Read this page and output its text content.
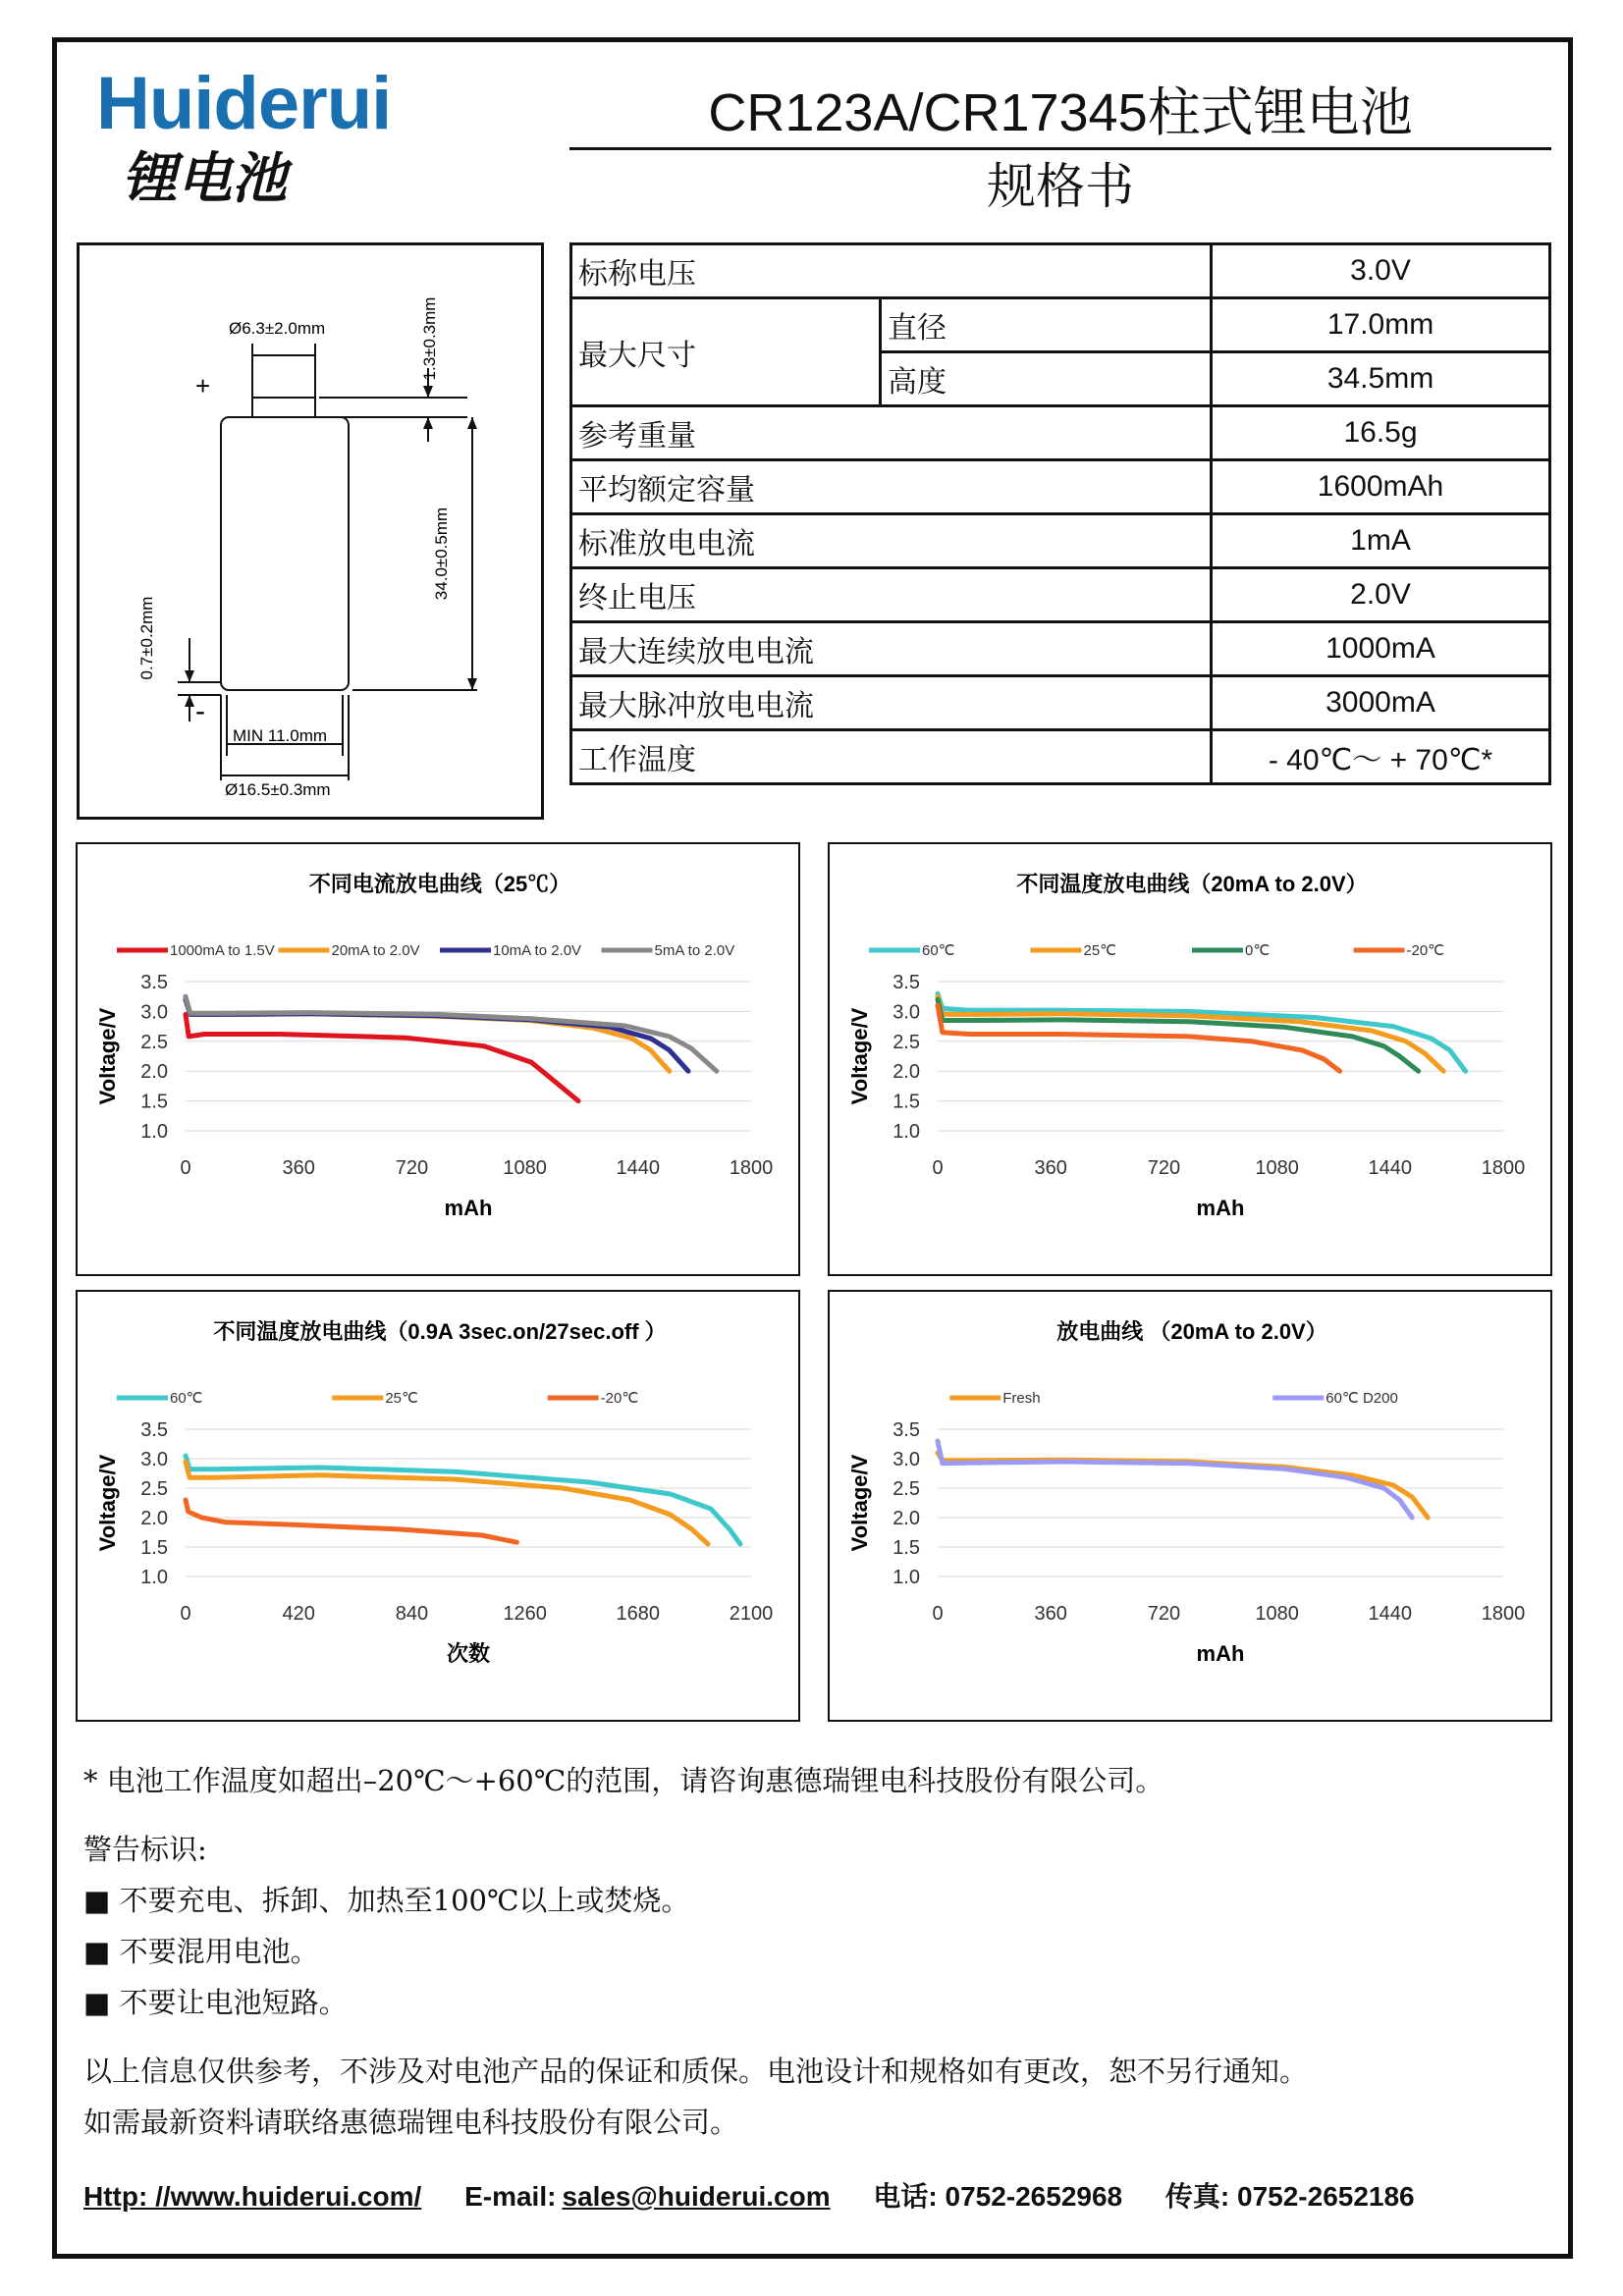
Huiderui
锂电池
CR123A/CR17345柱式锂电池
规格书
Ø6.3±2.0mm	1.3±0.3mm
+
-
34.0±0.5mm
0.7±0.2mm
MIN 11.0mm
Ø16.5±0.3mm
标称电压		3.0V
最大尺寸	直径	17.0mm
	高度	34.5mm
参考重量		16.5g
平均额定容量		1600mAh
标准放电电流		1mA
终止电压		2.0V
最大连续放电电流		1000mA
最大脉冲放电电流		3000mA
工作温度		- 40℃～ + 70℃*
不同电流放电曲线（25℃）
1000mA to 1.5V	20mA to 2.0V	10mA to 2.0V	5mA to 2.0V
1.0
1.5
2.0
2.5
3.0
3.5
0	360	720	1080	1440	1800
mAh
Voltage/V
不同温度放电曲线（20mA to 2.0V）
60℃	25℃	0℃	-20℃
1.0
1.5
2.0
2.5
3.0
3.5
0	360	720	1080	1440	1800
mAh
Voltage/V
不同温度放电曲线（0.9A 3sec.on/27sec.off ）
60℃	25℃	-20℃
1.0
1.5
2.0
2.5
3.0
3.5
0	420	840	1260	1680	2100
次数
Voltage/V
放电曲线 （20mA to 2.0V）
Fresh	60℃ D200
1.0
1.5
2.0
2.5
3.0
3.5
0	360	720	1080	1440	1800
mAh
Voltage/V
* 电池工作温度如超出–20℃～+60℃的范围，请咨询惠德瑞锂电科技股份有限公司。
警告标识:
■ 不要充电、拆卸、加热至100℃以上或焚烧。
■ 不要混用电池。
■ 不要让电池短路。
以上信息仅供参考，不涉及对电池产品的保证和质保。电池设计和规格如有更改，恕不另行通知。
如需最新资料请联络惠德瑞锂电科技股份有限公司。
Http: //www.huiderui.com/ E-mail: sales@huiderui.com 电话: 0752-2652968 传真: 0752-2652186
